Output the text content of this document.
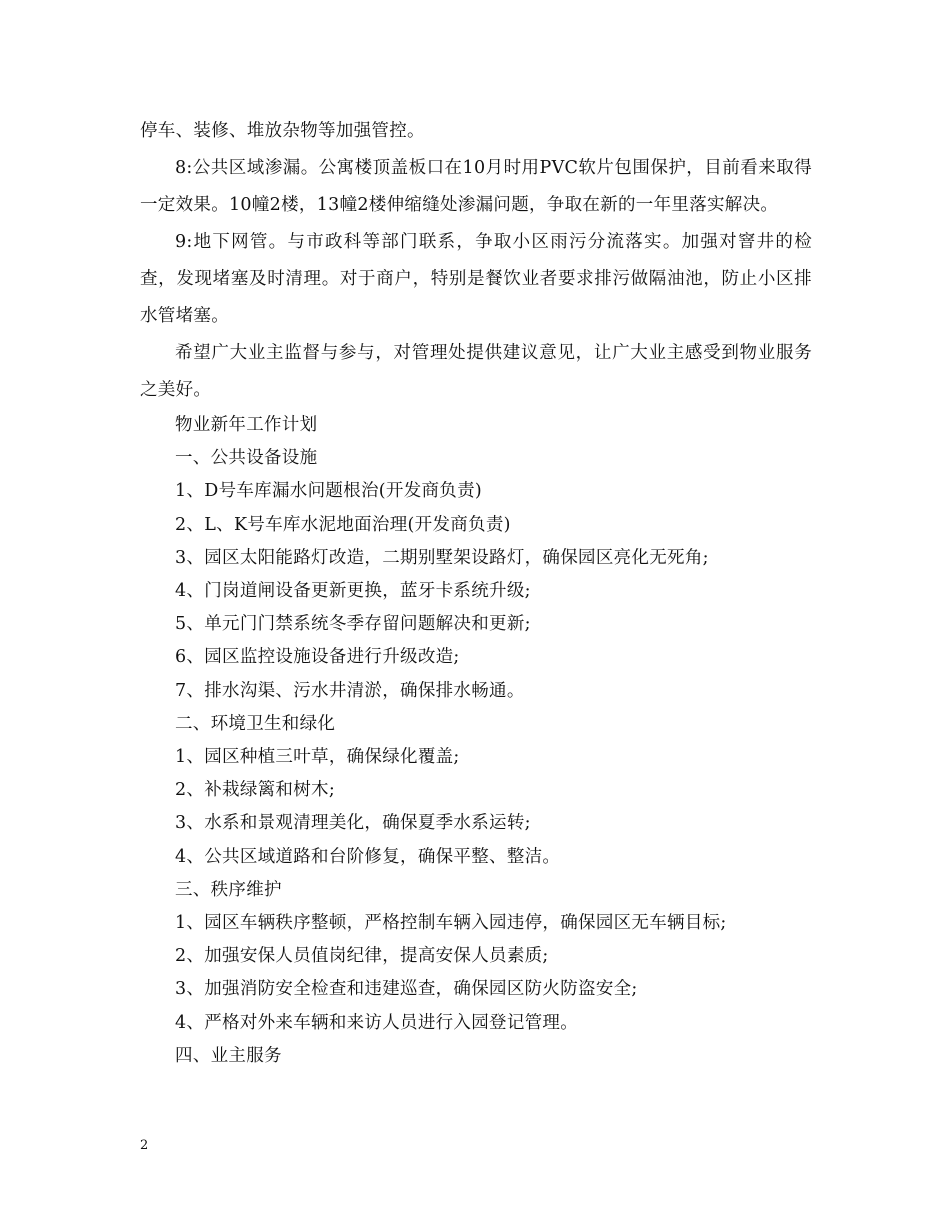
停车、装修、堆放杂物等加强管控。

8:公共区域渗漏。公寓楼顶盖板口在10月时用PVC软片包围保护，目前看来取得一定效果。10幢2楼，13幢2楼伸缩缝处渗漏问题，争取在新的一年里落实解决。

9:地下网管。与市政科等部门联系，争取小区雨污分流落实。加强对窨井的检查，发现堵塞及时清理。对于商户，特别是餐饮业者要求排污做隔油池，防止小区排水管堵塞。

希望广大业主监督与参与，对管理处提供建议意见，让广大业主感受到物业服务之美好。

物业新年工作计划

一、公共设备设施

1、D号车库漏水问题根治(开发商负责)

2、L、K号车库水泥地面治理(开发商负责)

3、园区太阳能路灯改造，二期别墅架设路灯，确保园区亮化无死角;

4、门岗道闸设备更新更换，蓝牙卡系统升级;

5、单元门门禁系统冬季存留问题解决和更新;

6、园区监控设施设备进行升级改造;

7、排水沟渠、污水井清淤，确保排水畅通。

二、环境卫生和绿化

1、园区种植三叶草，确保绿化覆盖;

2、补栽绿篱和树木;

3、水系和景观清理美化，确保夏季水系运转;

4、公共区域道路和台阶修复，确保平整、整洁。

三、秩序维护

1、园区车辆秩序整顿，严格控制车辆入园违停，确保园区无车辆目标;

2、加强安保人员值岗纪律，提高安保人员素质;

3、加强消防安全检查和违建巡查，确保园区防火防盗安全;

4、严格对外来车辆和来访人员进行入园登记管理。

四、业主服务

2
